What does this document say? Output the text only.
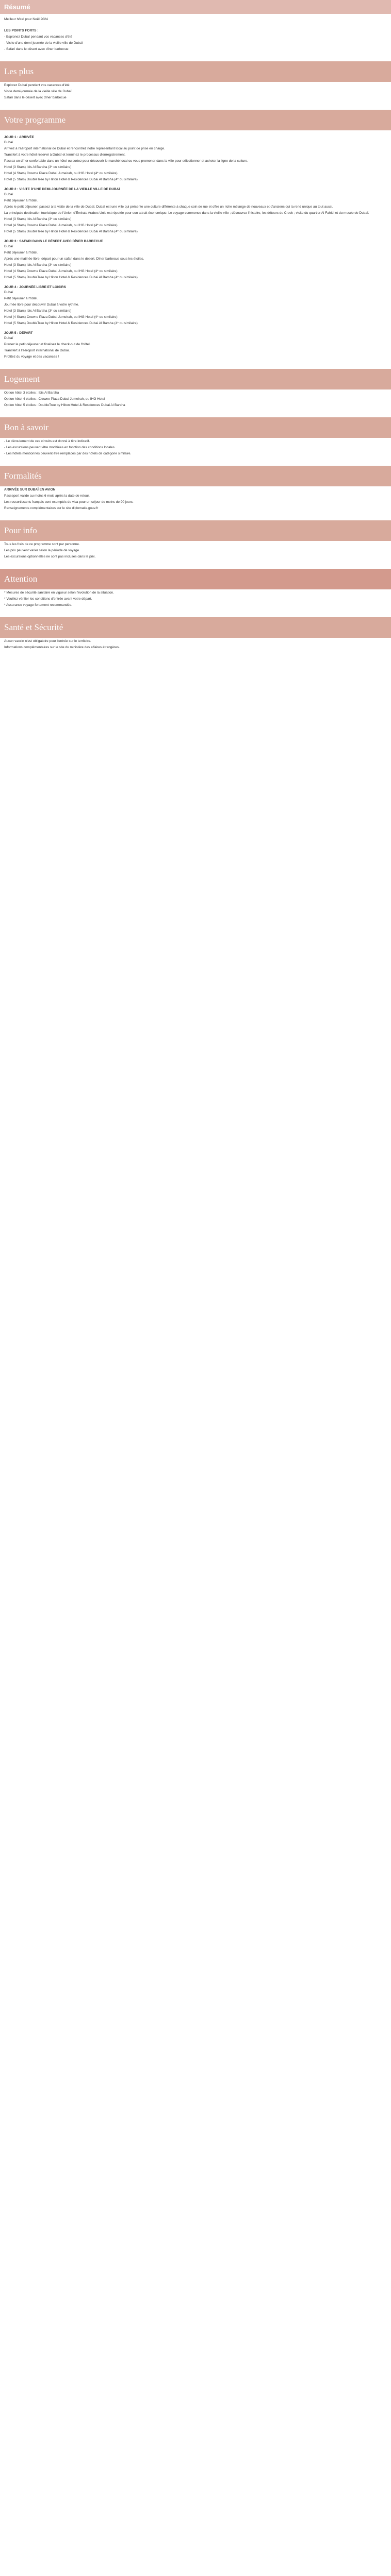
Résumé
Meilleur hôtel pour Noël 2024
LES POINTS FORTS :
- Espionez Dubaï pendant vos vacances d'été
- Visite d'une demi-journée de la vieille ville de Dubaï
- Safari dans le désert avec dîner barbecue
Les plus
Explorez Dubaï pendant vos vacances d'été
Visite demi-journée de la vieille ville de Dubaï
Safari dans le désert avec dîner barbecue
Votre programme
JOUR 1 : ARRIVÉE
Dubaï
Arrivez à l'aéroport international de Dubaï et rencontrez notre représentant local au point de prise en charge.
Transfert à votre hôtel réservé à Dubaï et terminez le processus d'enregistrement.
Passez un dîner confortable dans un hôtel ou sortez pour découvrir le marché local ou vous promener dans la ville pour sélectionner et acheter la ligne de la culture.
Hotel (3 Stars) Ibis Al Barsha (3* ou similaire)
Hotel (4 Stars) Crowne Plaza Dubai Jumeirah, ou IHG Hotel (4* ou similaire)
Hotel (5 Stars) DoubleTree by Hilton Hotel & Residences Dubai Al Barsha (4* ou similaire)
JOUR 2 : VISITE D'UNE DEMI-JOURNÉE DE LA VIEILLE VILLE DE DUBAÏ
Dubaï
Petit déjeuner à l'hôtel.
Après le petit déjeuner, passez à la visite de la ville de Dubaï. Dubaï est une ville qui présente une culture différente à chaque coin de rue et offre un riche mélange de nouveaux et d'anciens qui la rend unique au tout aussi.
La principale destination touristique de l'Union d'Émirats Arabes Unis est réputée pour son attrait économique. Le voyage commence dans la vieille ville ; découvrez l'histoire, les détours du Creek ; visite du quartier Al Fahidi et du musée de Dubaï.
Hotel (3 Stars) Ibis Al Barsha (3* ou similaire)
Hotel (4 Stars) Crowne Plaza Dubai Jumeirah, ou IHG Hotel (4* ou similaire)
Hotel (5 Stars) DoubleTree by Hilton Hotel & Residences Dubai Al Barsha (4* ou similaire)
JOUR 3 : SAFARI DANS LE DÉSERT AVEC DÎNER BARBECUE
Dubaï
Petit déjeuner à l'hôtel.
Après une matinée libre, départ pour un safari dans le désert. Dîner barbecue sous les étoiles.
Hotel (3 Stars) Ibis Al Barsha (3* ou similaire)
Hotel (4 Stars) Crowne Plaza Dubai Jumeirah, ou IHG Hotel (4* ou similaire)
Hotel (5 Stars) DoubleTree by Hilton Hotel & Residences Dubai Al Barsha (4* ou similaire)
JOUR 4 : JOURNÉE LIBRE ET LOISIRS
Dubaï
Petit déjeuner à l'hôtel.
Journée libre pour découvrir Dubaï à votre rythme.
Hotel (3 Stars) Ibis Al Barsha (3* ou similaire)
Hotel (4 Stars) Crowne Plaza Dubai Jumeirah, ou IHG Hotel (4* ou similaire)
Hotel (5 Stars) DoubleTree by Hilton Hotel & Residences Dubai Al Barsha (4* ou similaire)
JOUR 5 : DÉPART
Dubaï
Prenez le petit déjeuner et finalisez le check-out de l'hôtel.
Transfert à l'aéroport international de Dubaï.
Profitez du voyage et des vacances !
Logement
Option hôtel 3 étoiles : Ibis Al Barsha
Option hôtel 4 étoiles : Crowne Plaza Dubai Jumeirah, ou IHG Hotel
Option hôtel 5 étoiles : DoubleTree by Hilton Hotel & Residences Dubai Al Barsha
Bon à savoir
- Le déroulement de ces circuits est donné à titre indicatif.
- Les excursions peuvent être modifiées en fonction des conditions locales.
- Les hôtels mentionnés peuvent être remplacés par des hôtels de catégorie similaire.
Formalités
ARRIVÉE SUR DUBAÏ EN AVION
Passeport valide au moins 6 mois après la date de retour.
Les ressortissants français sont exemptés de visa pour un séjour de moins de 90 jours.
Renseignements complémentaires sur le site diplomatie.gouv.fr
Pour info
Tous les frais de ce programme sont par personne.
Les prix peuvent varier selon la période de voyage.
Les excursions optionnelles ne sont pas incluses dans le prix.
Attention
* Mesures de sécurité sanitaire en vigueur selon l'évolution de la situation.
* Veuillez vérifier les conditions d'entrée avant votre départ.
* Assurance voyage fortement recommandée.
Santé et Sécurité
Aucun vaccin n'est obligatoire pour l'entrée sur le territoire.
Informations complémentaires sur le site du ministère des affaires étrangères.
